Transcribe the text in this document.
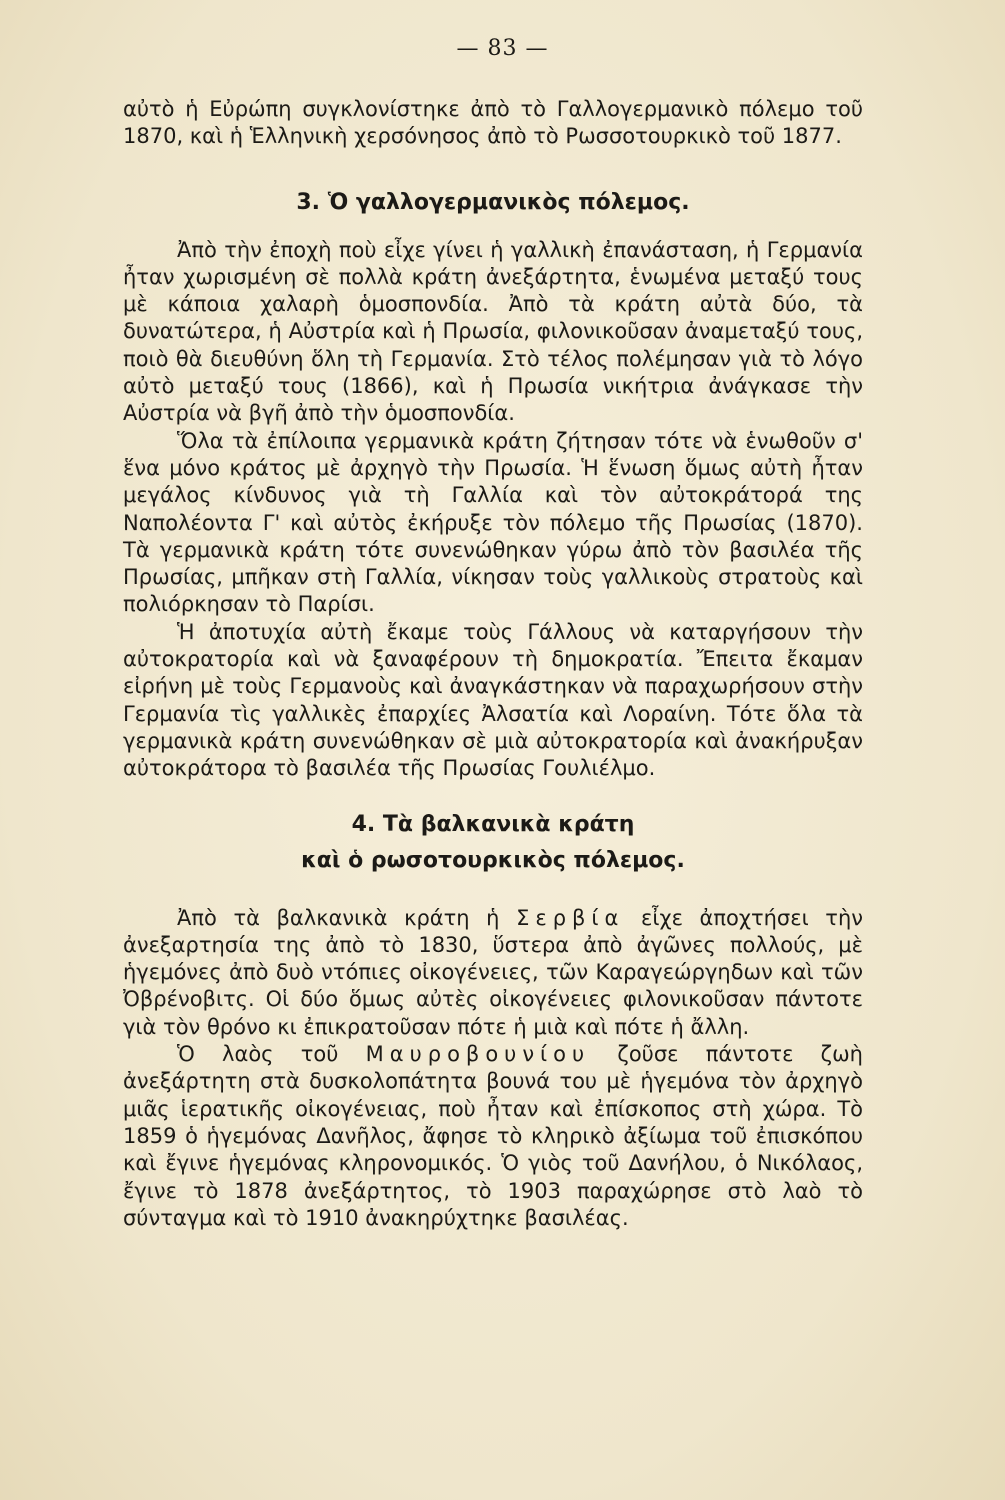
— 83 —

αὐτὸ ἡ Εὐρώπη συγκλονίστηκε ἀπὸ τὸ Γαλλογερμανικὸ πόλεμο τοῦ 1870, καὶ ἡ Ἑλληνικὴ χερσόνησος ἀπὸ τὸ Ρωσσοτουρκικὸ τοῦ 1877.

3. Ὁ γαλλογερμανικὸς πόλεμος.

Ἀπὸ τὴν ἐποχὴ ποὺ εἶχε γίνει ἡ γαλλικὴ ἐπανάσταση, ἡ Γερμανία ἦταν χωρισμένη σὲ πολλὰ κράτη ἀνεξάρτητα, ἑνωμένα μεταξύ τους μὲ κάποια χαλαρὴ ὁμοσπονδία. Ἀπὸ τὰ κράτη αὐτὰ δύο, τὰ δυνατώτερα, ἡ Αὐστρία καὶ ἡ Πρωσία, φιλονικοῦσαν ἀναμεταξύ τους, ποιὸ θὰ διευθύνη ὅλη τὴ Γερμανία. Στὸ τέλος πολέμησαν γιὰ τὸ λόγο αὐτὸ μεταξύ τους (1866), καὶ ἡ Πρωσία νικήτρια ἀνάγκασε τὴν Αὐστρία νὰ βγῆ ἀπὸ τὴν ὁμοσπονδία.

Ὅλα τὰ ἐπίλοιπα γερμανικὰ κράτη ζήτησαν τότε νὰ ἑνωθοῦν σ' ἕνα μόνο κράτος μὲ ἀρχηγὸ τὴν Πρωσία. Ἡ ἕνωση ὅμως αὐτὴ ἦταν μεγάλος κίνδυνος γιὰ τὴ Γαλλία καὶ τὸν αὐτοκράτορά της Ναπολέοντα Γ' καὶ αὐτὸς ἐκήρυξε τὸν πόλεμο τῆς Πρωσίας (1870). Τὰ γερμανικὰ κράτη τότε συνενώθηκαν γύρω ἀπὸ τὸν βασιλέα τῆς Πρωσίας, μπῆκαν στὴ Γαλλία, νίκησαν τοὺς γαλλικοὺς στρατοὺς καὶ πολιόρκησαν τὸ Παρίσι.

Ἡ ἀποτυχία αὐτὴ ἔκαμε τοὺς Γάλλους νὰ καταργήσουν τὴν αὐτοκρατορία καὶ νὰ ξαναφέρουν τὴ δημοκρατία. Ἔπειτα ἔκαμαν εἰρήνη μὲ τοὺς Γερμανοὺς καὶ ἀναγκάστηκαν νὰ παραχωρήσουν στὴν Γερμανία τὶς γαλλικὲς ἐπαρχίες Ἀλσατία καὶ Λοραίνη. Τότε ὅλα τὰ γερμανικὰ κράτη συνενώθηκαν σὲ μιὰ αὐτοκρατορία καὶ ἀνακήρυξαν αὐτοκράτορα τὸ βασιλέα τῆς Πρωσίας Γουλιέλμο.

4. Τὰ βαλκανικὰ κράτη
καὶ ὁ ρωσοτουρκικὸς πόλεμος.

Ἀπὸ τὰ βαλκανικὰ κράτη ἡ Σερβία εἶχε ἀποχτήσει τὴν ἀνεξαρτησία της ἀπὸ τὸ 1830, ὕστερα ἀπὸ ἀγῶνες πολλούς, μὲ ἡγεμόνες ἀπὸ δυὸ ντόπιες οἰκογένειες, τῶν Καραγεώργηδων καὶ τῶν Ὀβρένοβιτς. Οἱ δύο ὅμως αὐτὲς οἰκογένειες φιλονικοῦσαν πάντοτε γιὰ τὸν θρόνο κι ἐπικρατοῦσαν πότε ἡ μιὰ καὶ πότε ἡ ἄλλη.

Ὁ λαὸς τοῦ Μαυροβουνίου ζοῦσε πάντοτε ζωὴ ἀνεξάρτητη στὰ δυσκολοπάτητα βουνά του μὲ ἡγεμόνα τὸν ἀρχηγὸ μιᾶς ἱερατικῆς οἰκογένειας, ποὺ ἦταν καὶ ἐπίσκοπος στὴ χώρα. Τὸ 1859 ὁ ἡγεμόνας Δανῆλος, ἄφησε τὸ κληρικὸ ἀξίωμα τοῦ ἐπισκόπου καὶ ἔγινε ἡγεμόνας κληρονομικός. Ὁ γιὸς τοῦ Δανήλου, ὁ Νικόλαος, ἔγινε τὸ 1878 ἀνεξάρτητος, τὸ 1903 παραχώρησε στὸ λαὸ τὸ σύνταγμα καὶ τὸ 1910 ἀνακηρύχτηκε βασιλέας.
